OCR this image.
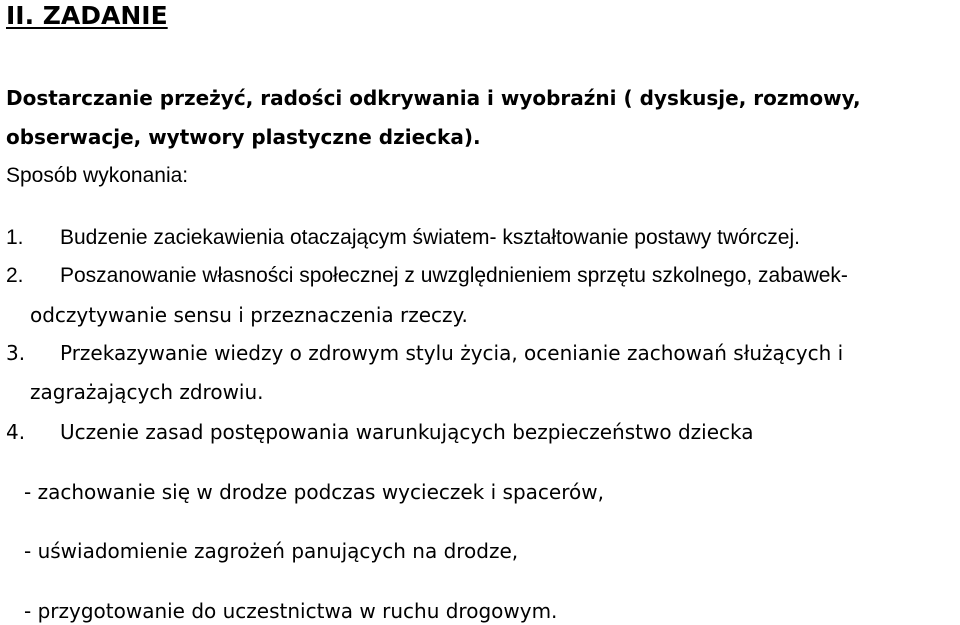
II. ZADANIE
Dostarczanie przeżyć, radości odkrywania i wyobraźni ( dyskusje, rozmowy,
obserwacje, wytwory plastyczne dziecka).
Sposób wykonania:
1. Budzenie zaciekawienia otaczającym światem- kształtowanie postawy twórczej.
2. Poszanowanie własności społecznej z uwzględnieniem sprzętu szkolnego, zabawek-
odczytywanie sensu i przeznaczenia rzeczy.
3. Przekazywanie wiedzy o zdrowym stylu życia, ocenianie zachowań służących i
zagrażających zdrowiu.
4. Uczenie zasad postępowania warunkujących bezpieczeństwo dziecka
- zachowanie się w drodze podczas wycieczek i spacerów,
- uświadomienie zagrożeń panujących na drodze,
- przygotowanie do uczestnictwa w ruchu drogowym.
